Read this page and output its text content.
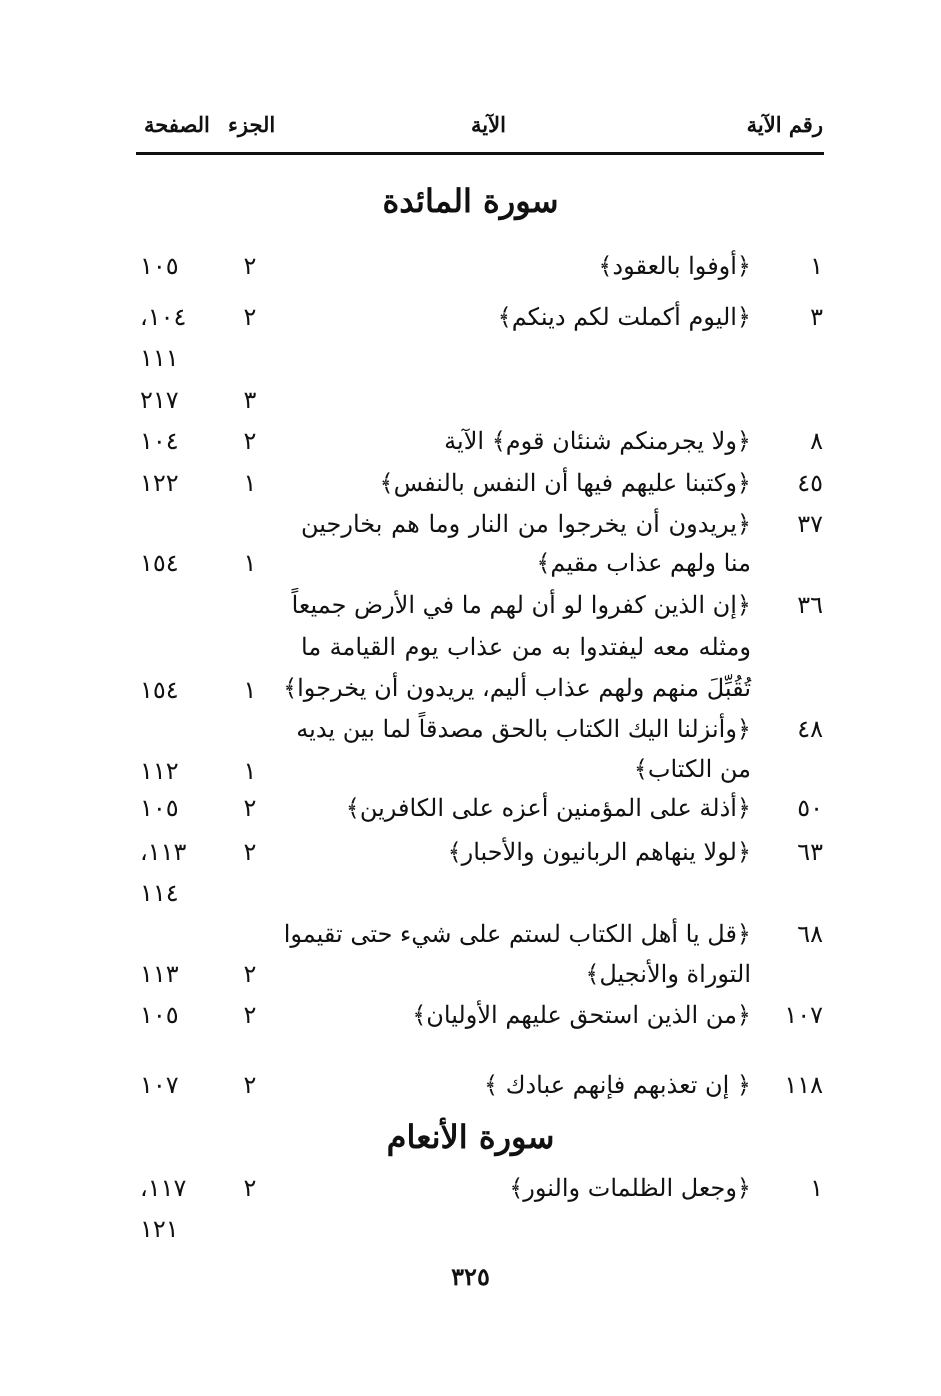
رقم الآية
الآية
الجزء
الصفحة
سورة المائدة
١
﴿أوفوا بالعقود﴾
٢
١٠٥
٣
﴿اليوم أكملت لكم دينكم﴾
٢
١٠٤،
١١١
٣
٢١٧
٨
﴿ولا يجرمنكم شنئان قوم﴾ الآية
٢
١٠٤
٤٥
﴿وكتبنا عليهم فيها أن النفس بالنفس﴾
١
١٢٢
٣٧
﴿يريدون أن يخرجوا من النار وما هم بخارجين
منا ولهم عذاب مقيم﴾
١
١٥٤
٣٦
﴿إن الذين كفروا لو أن لهم ما في الأرض جميعاً
ومثله معه ليفتدوا به من عذاب يوم القيامة ما
تُقُبِّلَ منهم ولهم عذاب أليم، يريدون أن يخرجوا﴾
١
١٥٤
٤٨
﴿وأنزلنا اليك الكتاب بالحق مصدقاً لما بين يديه
من الكتاب﴾
١
١١٢
٥٠
﴿أذلة على المؤمنين أعزه على الكافرين﴾
٢
١٠٥
٦٣
﴿لولا ينهاهم الربانيون والأحبار﴾
٢
١١٣،
١١٤
٦٨
﴿قل يا أهل الكتاب لستم على شيء حتى تقيموا
التوراة والأنجيل﴾
٢
١١٣
١٠٧
﴿من الذين استحق عليهم الأوليان﴾
٢
١٠٥
١١٨
﴿ إن تعذبهم فإنهم عبادك ﴾
٢
١٠٧
سورة الأنعام
١
﴿وجعل الظلمات والنور﴾
٢
١١٧،
١٢١
٣٢٥
